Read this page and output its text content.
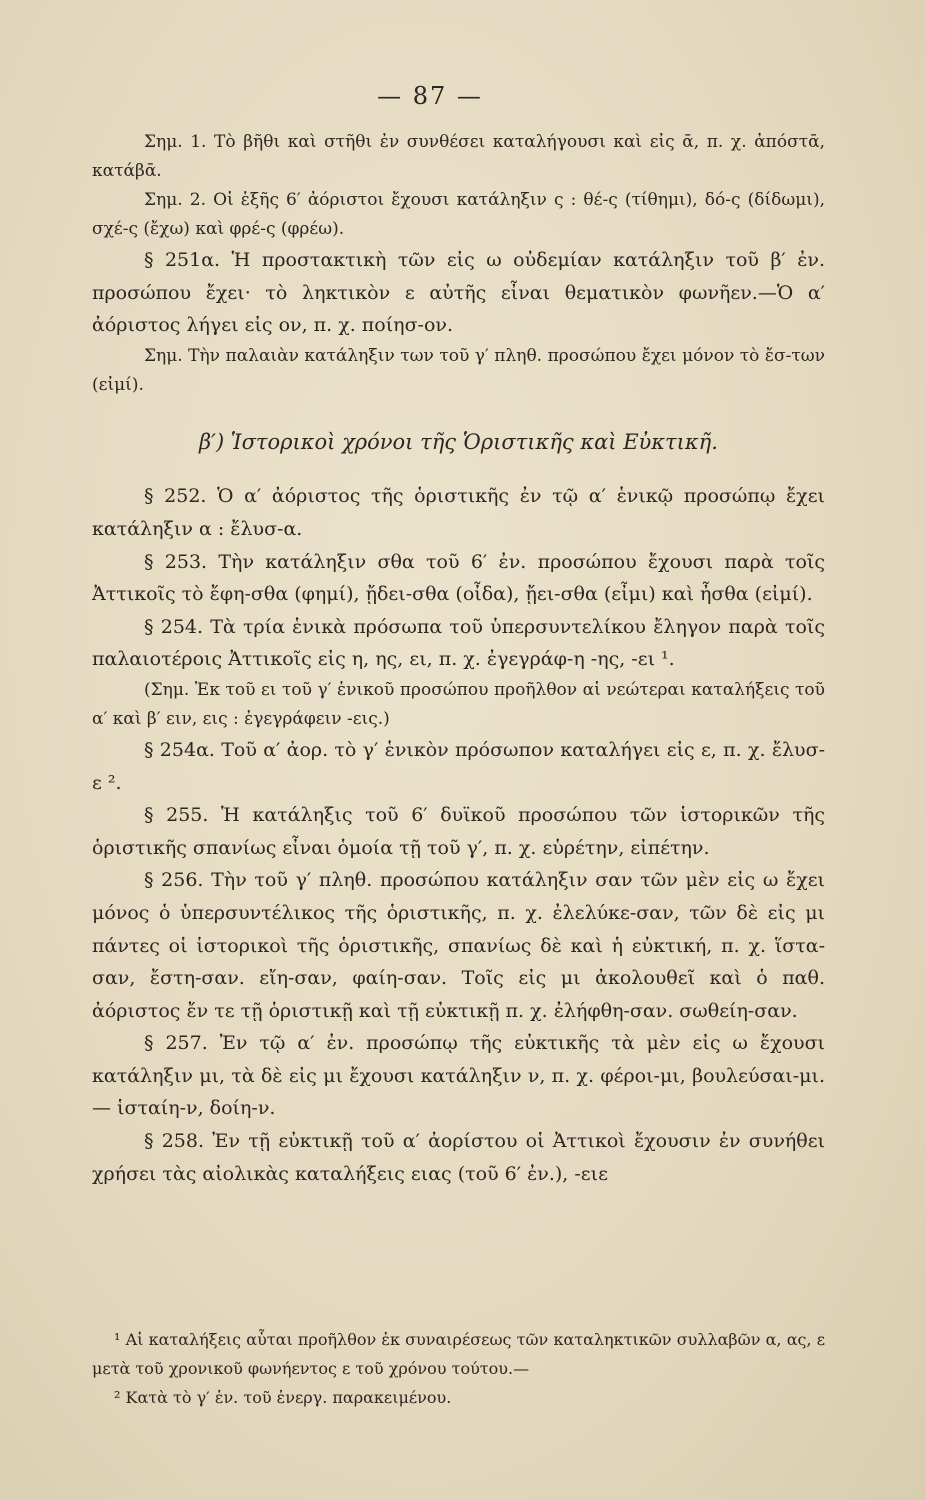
— 87 —

Σημ. 1. Τὸ βῆθι καὶ στῆθι ἐν συνθέσει καταλήγουσι καὶ εἰς ᾱ, π. χ. ἀπόστᾱ, κατάβᾱ.

Σημ. 2. Οἱ ἑξῆς 6′ ἀόριστοι ἔχουσι κατάληξιν ς : θέ-ς (τίθημι), δό-ς (δίδωμι), σχέ-ς (ἔχω) καὶ φρέ-ς (φρέω).

§ 251α. Ἡ προστακτικὴ τῶν εἰς ω οὐδεμίαν κατάληξιν τοῦ β′ ἐν. προσώπου ἔχει· τὸ ληκτικὸν ε αὐτῆς εἶναι θεματικὸν φωνῆεν.—Ὁ α′ ἀόριστος λήγει εἰς ον, π. χ. ποίησ-ον.

Σημ. Τὴν παλαιὰν κατάληξιν των τοῦ γ′ πληθ. προσώπου ἔχει μόνον τὸ ἔσ-των (εἰμί).

β′) Ἱστορικοὶ χρόνοι τῆς Ὁριστικῆς καὶ Εὐκτικῆ.

§ 252. Ὁ α′ ἀόριστος τῆς ὁριστικῆς ἐν τῷ α′ ἑνικῷ προσώπῳ ἔχει κατάληξιν α : ἔλυσ-α.

§ 253. Τὴν κατάληξιν σθα τοῦ 6′ ἐν. προσώπου ἔχουσι παρὰ τοῖς Ἀττικοῖς τὸ ἔφη-σθα (φημί), ᾔδει-σθα (οἶδα), ᾔει-σθα (εἶμι) καὶ ἦσθα (εἰμί).

§ 254. Τὰ τρία ἑνικὰ πρόσωπα τοῦ ὑπερσυντελίκου ἔληγον παρὰ τοῖς παλαιοτέροις Ἀττικοῖς εἰς η, ης, ει, π. χ. ἐγεγράφ-η -ης, -ει ¹.

(Σημ. Ἐκ τοῦ ει τοῦ γ′ ἑνικοῦ προσώπου προῆλθον αἱ νεώτεραι καταλήξεις τοῦ α′ καὶ β′ ειν, εις : ἐγεγράφειν -εις.)

§ 254α. Τοῦ α′ ἀορ. τὸ γ′ ἑνικὸν πρόσωπον καταλήγει εἰς ε, π. χ. ἔλυσ-ε ².

§ 255. Ἡ κατάληξις τοῦ 6′ δυϊκοῦ προσώπου τῶν ἱστορικῶν τῆς ὁριστικῆς σπανίως εἶναι ὁμοία τῇ τοῦ γ′, π. χ. εὑρέτην, εἰπέτην.

§ 256. Τὴν τοῦ γ′ πληθ. προσώπου κατάληξιν σαν τῶν μὲν εἰς ω ἔχει μόνος ὁ ὑπερσυντέλικος τῆς ὁριστικῆς, π. χ. ἐλελύκε-σαν, τῶν δὲ εἰς μι πάντες οἱ ἱστορικοὶ τῆς ὁριστικῆς, σπανίως δὲ καὶ ἡ εὐκτική, π. χ. ἵστα-σαν, ἔστη-σαν. εἴη-σαν, φαίη-σαν. Τοῖς εἰς μι ἀκολουθεῖ καὶ ὁ παθ. ἀόριστος ἔν τε τῇ ὁριστικῇ καὶ τῇ εὐκτικῇ π. χ. ἐλήφθη-σαν. σωθείη-σαν.

§ 257. Ἐν τῷ α′ ἐν. προσώπῳ τῆς εὐκτικῆς τὰ μὲν εἰς ω ἔχουσι κατάληξιν μι, τὰ δὲ εἰς μι ἔχουσι κατάληξιν ν, π. χ. φέροι-μι, βουλεύσαι-μι.— ἱσταίη-ν, δοίη-ν.

§ 258. Ἐν τῇ εὐκτικῇ τοῦ α′ ἀορίστου οἱ Ἀττικοὶ ἔχουσιν ἐν συνήθει χρήσει τὰς αἰολικὰς καταλήξεις ειας (τοῦ 6′ ἐν.), -ειε

¹ Αἱ καταλήξεις αὗται προῆλθον ἐκ συναιρέσεως τῶν καταληκτικῶν συλλαβῶν α, ας, ε μετὰ τοῦ χρονικοῦ φωνήεντος ε τοῦ χρόνου τούτου.—

² Κατὰ τὸ γ′ ἐν. τοῦ ἐνεργ. παρακειμένου.
